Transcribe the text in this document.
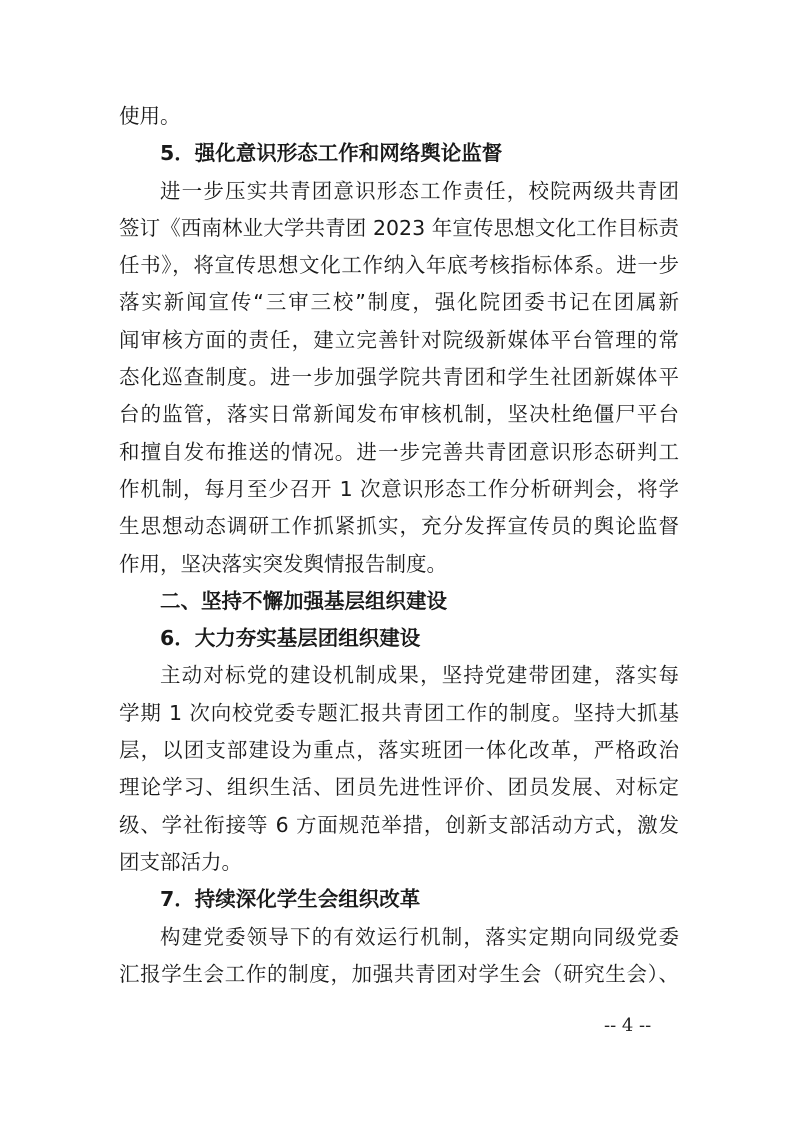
使用。
5．强化意识形态工作和网络舆论监督
进一步压实共青团意识形态工作责任，校院两级共青团
签订《西南林业大学共青团 2023 年宣传思想文化工作目标责
任书》，将宣传思想文化工作纳入年底考核指标体系。进一步
落实新闻宣传“三审三校”制度，强化院团委书记在团属新
闻审核方面的责任，建立完善针对院级新媒体平台管理的常
态化巡查制度。进一步加强学院共青团和学生社团新媒体平
台的监管，落实日常新闻发布审核机制，坚决杜绝僵尸平台
和擅自发布推送的情况。进一步完善共青团意识形态研判工
作机制，每月至少召开 1 次意识形态工作分析研判会，将学
生思想动态调研工作抓紧抓实，充分发挥宣传员的舆论监督
作用，坚决落实突发舆情报告制度。
二、坚持不懈加强基层组织建设
6．大力夯实基层团组织建设
主动对标党的建设机制成果，坚持党建带团建，落实每
学期 1 次向校党委专题汇报共青团工作的制度。坚持大抓基
层，以团支部建设为重点，落实班团一体化改革，严格政治
理论学习、组织生活、团员先进性评价、团员发展、对标定
级、学社衔接等 6 方面规范举措，创新支部活动方式，激发
团支部活力。
7．持续深化学生会组织改革
构建党委领导下的有效运行机制，落实定期向同级党委
汇报学生会工作的制度，加强共青团对学生会（研究生会）、
-- 4 --
